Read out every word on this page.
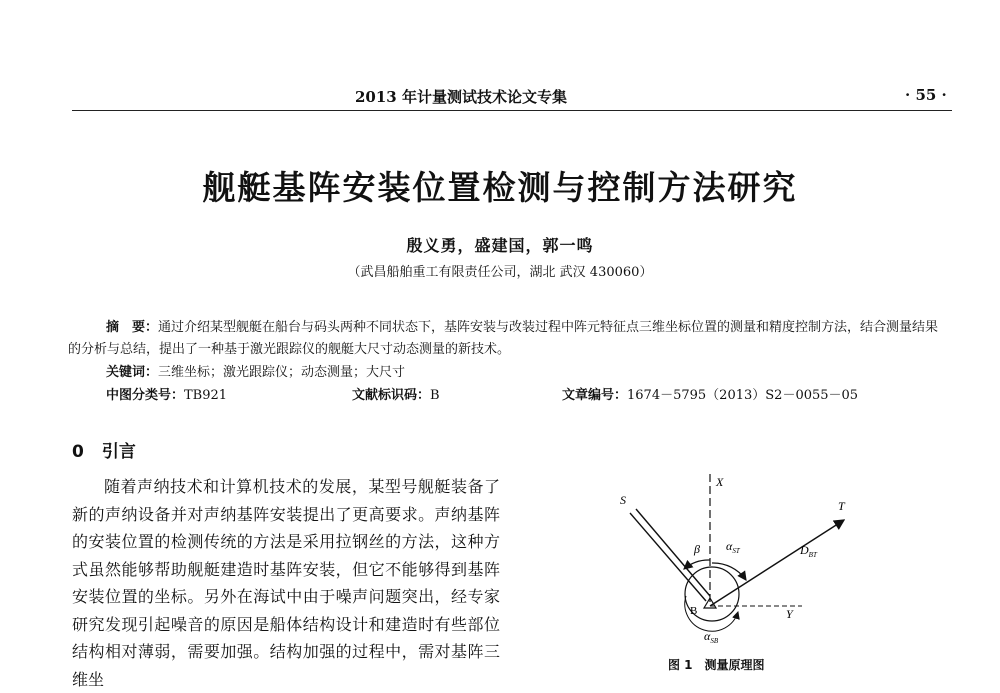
2013 年计量测试技术论文专集	· 55 ·
舰艇基阵安装位置检测与控制方法研究
殷义勇，盛建国，郭一鸣
（武昌船舶重工有限责任公司，湖北 武汉 430060）
摘　要：通过介绍某型舰艇在船台与码头两种不同状态下，基阵安装与改装过程中阵元特征点三维坐标位置的测量和精度控制方法，结合测量结果的分析与总结，提出了一种基于激光跟踪仪的舰艇大尺寸动态测量的新技术。
关键词：三维坐标；激光跟踪仪；动态测量；大尺寸
中图分类号：TB921	文献标识码：B	文章编号：1674－5795（2013）S2－0055－05
0 引言

随着声纳技术和计算机技术的发展，某型号舰艇装备了新的声纳设备并对声纳基阵安装提出了更高要求。声纳基阵的安装位置的检测传统的方法是采用拉钢丝的方法，这种方式虽然能够帮助舰艇建造时基阵安装，但它不能够得到基阵安装位置的坐标。另外在海试中由于噪声问题突出，经专家研究发现引起噪音的原因是船体结构设计和建造时有些部位结构相对薄弱，需要加强。结构加强的过程中，需对基阵三维坐

X
S	T
β $\alpha_{ST}$	$D_{BT}$
B	Y
$\alpha_{SB}$
图 1 测量原理图
